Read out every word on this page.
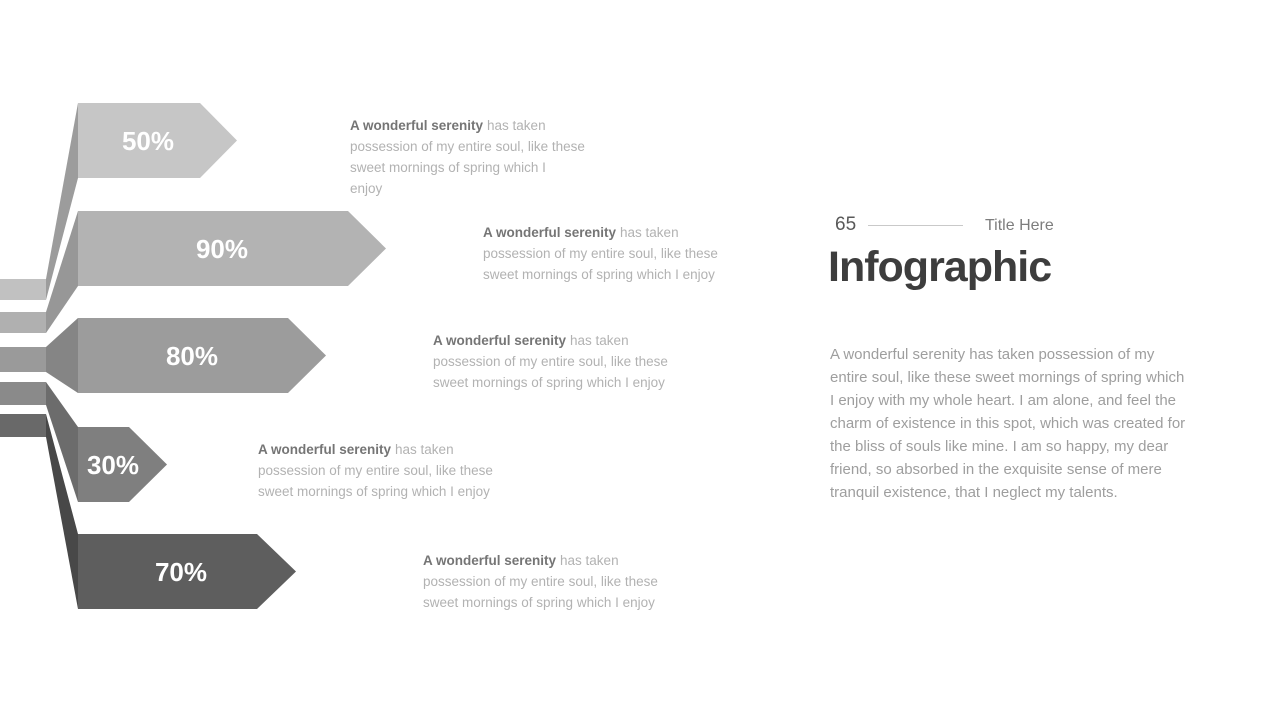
50%
90%
80%
30%
70%
A wonderful serenity has taken
possession of my entire soul, like these
sweet mornings of spring which I
enjoy
A wonderful serenity has taken
possession of my entire soul, like these
sweet mornings of spring which I enjoy
A wonderful serenity has taken
possession of my entire soul, like these
sweet mornings of spring which I enjoy
A wonderful serenity has taken
possession of my entire soul, like these
sweet mornings of spring which I enjoy
A wonderful serenity has taken
possession of my entire soul, like these
sweet mornings of spring which I enjoy
65	Title Here
Infographic

A wonderful serenity has taken possession of my entire soul, like these sweet mornings of spring which I enjoy with my whole heart. I am alone, and feel the charm of existence in this spot, which was created for the bliss of souls like mine. I am so happy, my dear friend, so absorbed in the exquisite sense of mere tranquil existence, that I neglect my talents.
